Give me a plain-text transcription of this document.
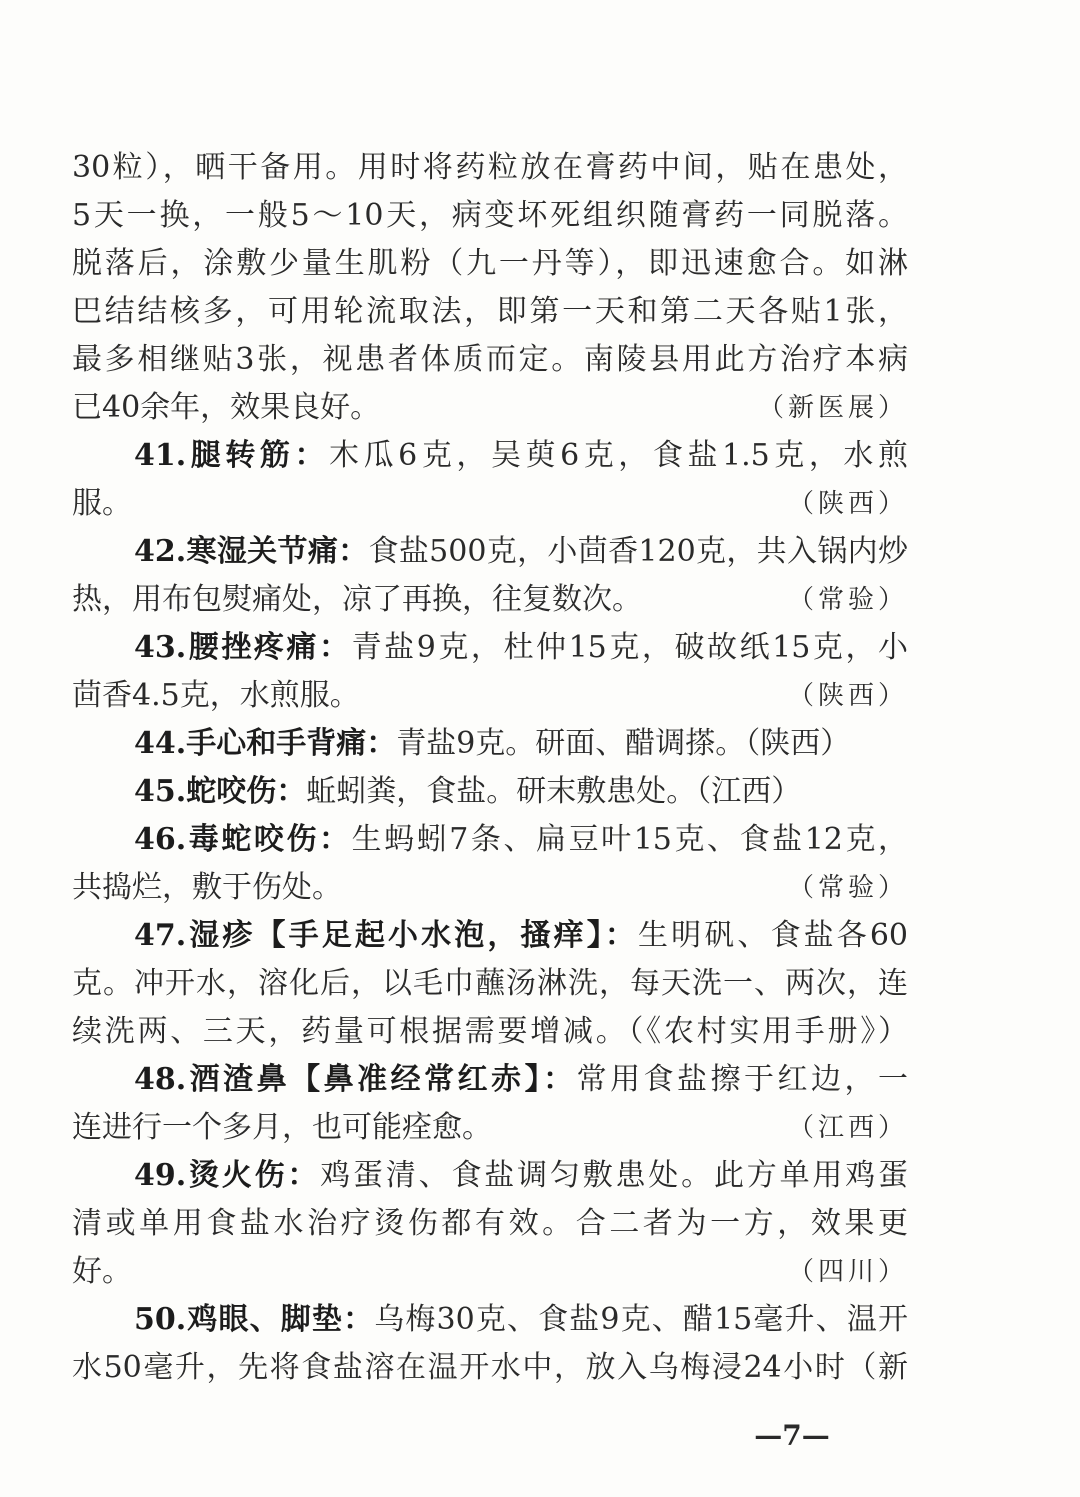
30粒），晒干备用。用时将药粒放在膏药中间，贴在患处，
5天一换，一般5～10天，病变坏死组织随膏药一同脱落。
脱落后，涂敷少量生肌粉（九一丹等），即迅速愈合。如淋
巴结结核多，可用轮流取法，即第一天和第二天各贴1张，
最多相继贴3张，视患者体质而定。南陵县用此方治疗本病
已40余年，效果良好。	（新医展）
41.腿转筋：木瓜6克，吴萸6克，食盐1.5克，水煎
服。	（陕西）
42.寒湿关节痛：食盐500克，小茴香120克，共入锅内炒
热，用布包熨痛处，凉了再换，往复数次。	（常验）
43.腰挫疼痛：青盐9克，杜仲15克，破故纸15克，小
茴香4.5克，水煎服。	（陕西）
44.手心和手背痛：青盐9克。研面、醋调搽。（陕西）
45.蛇咬伤：蚯蚓粪，食盐。研末敷患处。（江西）
46.毒蛇咬伤：生蚂蚓7条、扁豆叶15克、食盐12克，
共捣烂，敷于伤处。	（常验）
47.湿疹【手足起小水泡，搔痒】：生明矾、食盐各60
克。冲开水，溶化后，以毛巾蘸汤淋洗，每天洗一、两次，连
续洗两、三天，药量可根据需要增减。（《农村实用手册》）
48.酒渣鼻【鼻准经常红赤】：常用食盐擦于红边，一
连进行一个多月，也可能痊愈。	（江西）
49.烫火伤：鸡蛋清、食盐调匀敷患处。此方单用鸡蛋
清或单用食盐水治疗烫伤都有效。合二者为一方，效果更
好。	（四川）
50.鸡眼、脚垫：乌梅30克、食盐9克、醋15毫升、温开
水50毫升，先将食盐溶在温开水中，放入乌梅浸24小时（新
—7—
